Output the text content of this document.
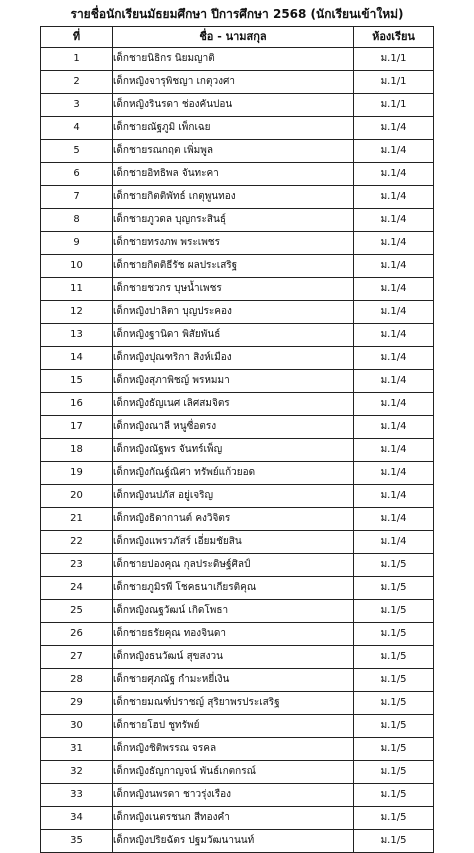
รายชื่อนักเรียนมัธยมศึกษา ปีการศึกษา 2568 (นักเรียนเข้าใหม่)
ที่	ชื่อ - นามสกุล	ห้องเรียน
1	เด็กชายนิธิกร นิยมญาติ	ม.1/1
2	เด็กหญิงจารุพิชญา เกตุวงศา	ม.1/1
3	เด็กหญิงรินรดา ช่องคันปอน	ม.1/1
4	เด็กชายณัฐภูมิ เพ็กเฉย	ม.1/4
5	เด็กชายรณกฤต เพิ่มพูล	ม.1/4
6	เด็กชายอิทธิพล จันทะคา	ม.1/4
7	เด็กชายกิตติพัทธ์ เกตุพูนทอง	ม.1/4
8	เด็กชายภูวดล บุญกระสินธุ์	ม.1/4
9	เด็กชายทรงภพ พระเพชร	ม.1/4
10	เด็กชายกิตติธีรัช ผลประเสริฐ	ม.1/4
11	เด็กชายชวกร บุษน้ำเพชร	ม.1/4
12	เด็กหญิงปาลิตา บุญประคอง	ม.1/4
13	เด็กหญิงฐานิดา พิสัยพันธ์	ม.1/4
14	เด็กหญิงปุณฑริกา สิงห์เมือง	ม.1/4
15	เด็กหญิงสุภาพิชญ์ พรหมมา	ม.1/4
16	เด็กหญิงธัญเนศ เลิศสมจิตร	ม.1/4
17	เด็กหญิงณาลี หนูซื่อตรง	ม.1/4
18	เด็กหญิงณัฐพร จันทร์เพ็ญ	ม.1/4
19	เด็กหญิงกัณฐ์ณิศา ทรัพย์แก้วยอด	ม.1/4
20	เด็กหญิงนปภัส อยู่เจริญ	ม.1/4
21	เด็กหญิงธิดากานต์ คงวิจิตร	ม.1/4
22	เด็กหญิงแพรวภัสร์ เอี่ยมชัยสิน	ม.1/4
23	เด็กชายปองคุณ กุลประดิษฐ์ศิลป์	ม.1/5
24	เด็กชายภูมิรพี โชคธนาเกียรติคุณ	ม.1/5
25	เด็กหญิงณฐวัฒน์ เกิดโพธา	ม.1/5
26	เด็กชายธรัยคุณ ทองจินดา	ม.1/5
27	เด็กหญิงธนวัฒน์ สุขสงวน	ม.1/5
28	เด็กชายศุภณัฐ กำมะหยี่เงิน	ม.1/5
29	เด็กชายมณฑ์ปราชญ์ สุริยาพรประเสริฐ	ม.1/5
30	เด็กชายโฮป ชูทรัพย์	ม.1/5
31	เด็กหญิงชิติพรรณ จรคล	ม.1/5
32	เด็กหญิงธัญกาญจน์ พันธ์เกตกรณ์	ม.1/5
33	เด็กหญิงนพรดา ชาวรุ่งเรือง	ม.1/5
34	เด็กหญิงเนตรชนก สีทองคำ	ม.1/5
35	เด็กหญิงปริยฉัตร ปฐมวัฒนานนท์	ม.1/5
